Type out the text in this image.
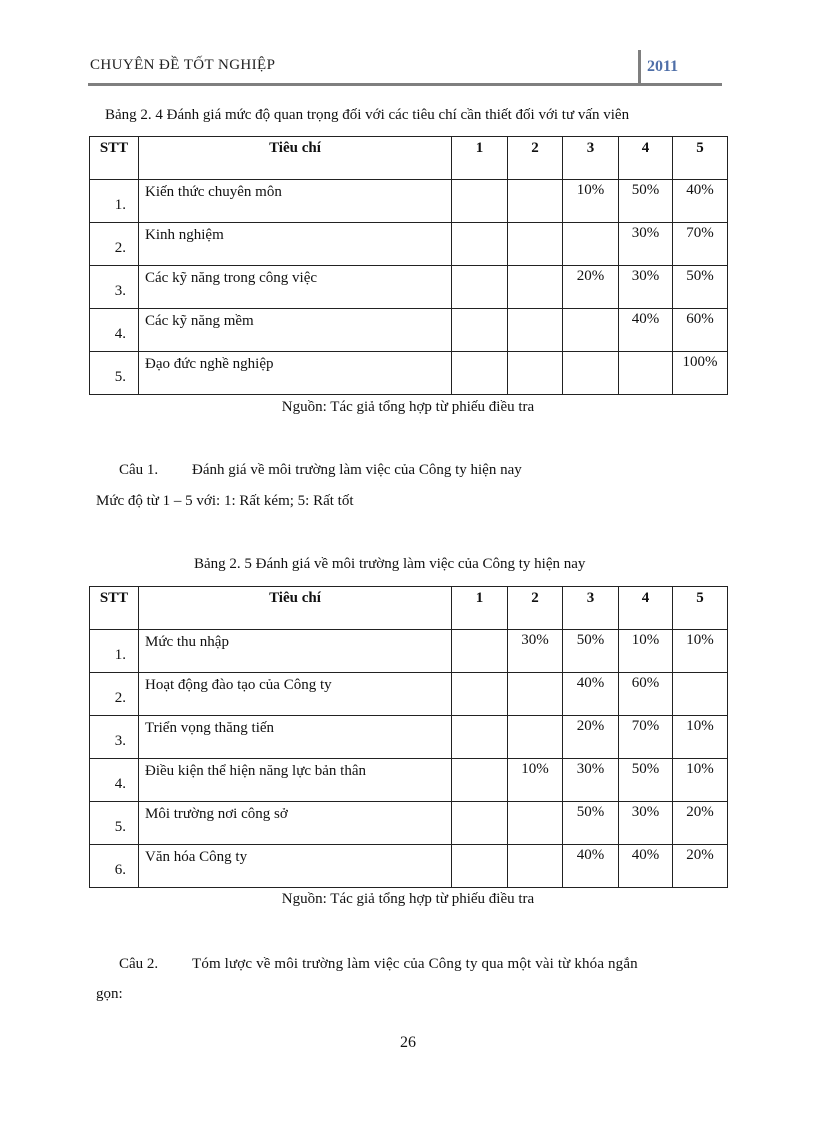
CHUYÊN ĐỀ TỐT NGHIỆP	2011
Bảng 2. 4 Đánh giá mức độ quan trọng đối với các tiêu chí cần thiết đối với tư vấn viên
STT	Tiêu chí	1	2	3	4	5
1.	Kiến thức chuyên môn			10%	50%	40%
2.	Kinh nghiệm				30%	70%
3.	Các kỹ năng trong công việc			20%	30%	50%
4.	Các kỹ năng mềm				40%	60%
5.	Đạo đức nghề nghiệp					100%
Nguồn: Tác giả tổng hợp từ phiếu điều tra
Câu 1. Đánh giá về môi trường làm việc của Công ty hiện nay
Mức độ từ 1 – 5 với: 1: Rất kém; 5: Rất tốt
Bảng 2. 5 Đánh giá về môi trường làm việc của Công ty hiện nay
STT	Tiêu chí	1	2	3	4	5
1.	Mức thu nhập		30%	50%	10%	10%
2.	Hoạt động đào tạo của Công ty			40%	60%	
3.	Triển vọng thăng tiến			20%	70%	10%
4.	Điều kiện thể hiện năng lực bản thân		10%	30%	50%	10%
5.	Môi trường nơi công sở			50%	30%	20%
6.	Văn hóa Công ty			40%	40%	20%
Nguồn: Tác giả tổng hợp từ phiếu điều tra
Câu 2. Tóm lược về môi trường làm việc của Công ty qua một vài từ khóa ngắn
gọn:
26
